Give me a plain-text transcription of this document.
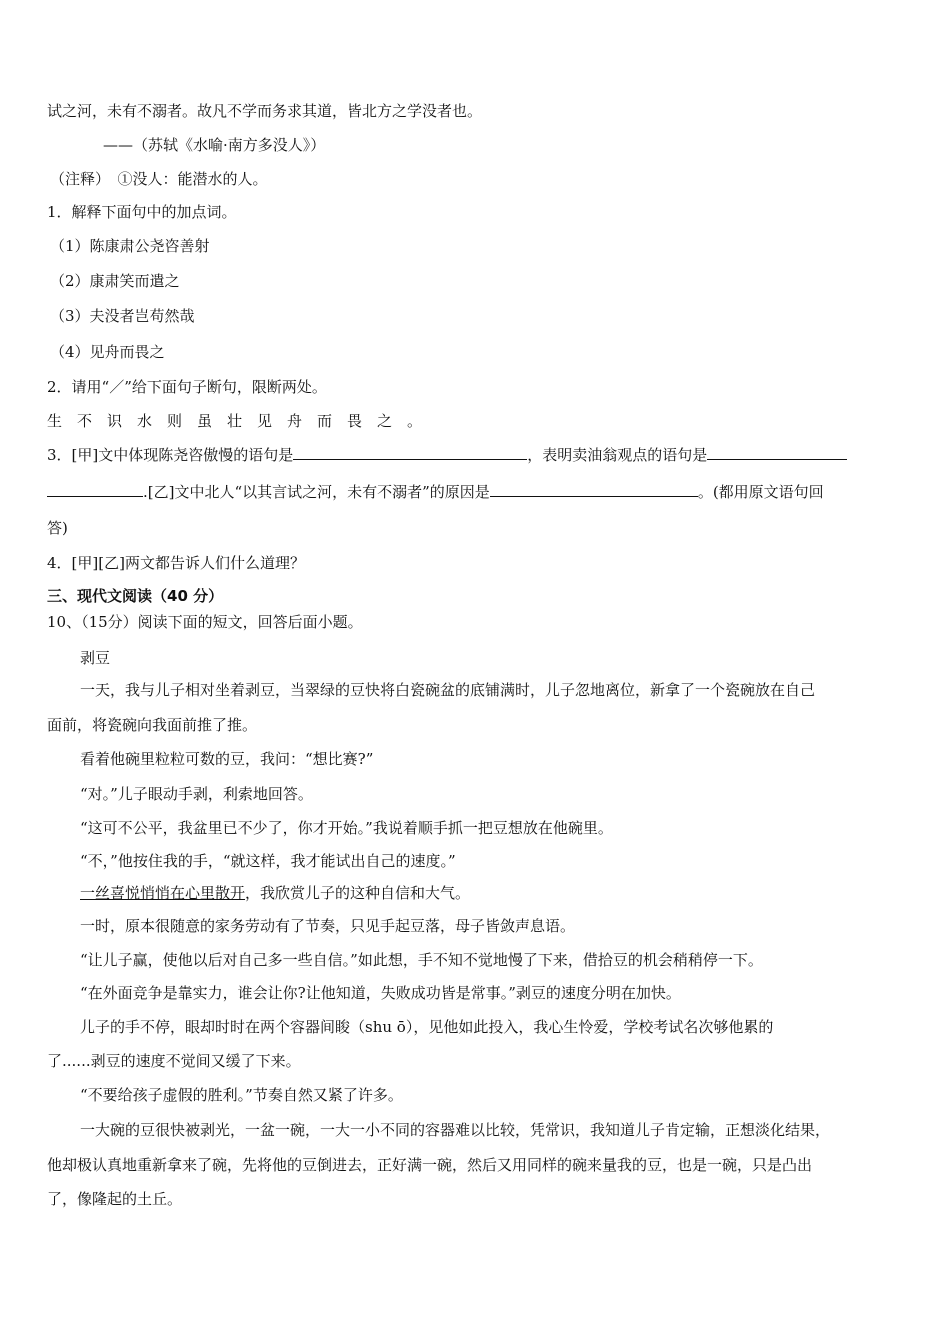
试之河，未有不溺者。故凡不学而务求其道，皆北方之学没者也。
——（苏轼《水喻·南方多没人》）
（注释）　①没人：能潜水的人。
1．解释下面句中的加点词。
（1）陈康肃公尧咨善射
（2）康肃笑而遣之
（3）夫没者岂苟然哉
（4）见舟而畏之
2．请用“／”给下面句子断句，限断两处。
生不识水则虽壮见舟而畏之。
3．[甲]文中体现陈尧咨傲慢的语句是	，表明卖油翁观点的语句是
.[乙]文中北人“以其言试之河，未有不溺者”的原因是	。(都用原文语句回
答)
4．[甲][乙]两文都告诉人们什么道理？
三、现代文阅读（40 分）
10、（15分）阅读下面的短文，回答后面小题。
剥豆
一天，我与儿子相对坐着剥豆，当翠绿的豆快将白瓷碗盆的底铺满时，儿子忽地离位，新拿了一个瓷碗放在自己
面前，将瓷碗向我面前推了推。
看着他碗里粒粒可数的豆，我问：“想比赛?”
“对。”儿子眼动手剥，利索地回答。
“这可不公平，我盆里已不少了，你才开始。”我说着顺手抓一把豆想放在他碗里。
“不，”他按住我的手，“就这样，我才能试出自己的速度。”
一丝喜悦悄悄在心里散开，我欣赏儿子的这种自信和大气。
一时，原本很随意的家务劳动有了节奏，只见手起豆落，母子皆敛声息语。
“让儿子赢，使他以后对自己多一些自信。”如此想，手不知不觉地慢了下来，借拾豆的机会稍稍停一下。
“在外面竞争是靠实力，谁会让你?让他知道，失败成功皆是常事。”剥豆的速度分明在加快。
儿子的手不停，眼却时时在两个容器间睃（shu ō），见他如此投入，我心生怜爱，学校考试名次够他累的
了......剥豆的速度不觉间又缓了下来。
“不要给孩子虚假的胜利。”节奏自然又紧了许多。
一大碗的豆很快被剥光，一盆一碗，一大一小不同的容器难以比较，凭常识，我知道儿子肯定输，正想淡化结果，
他却极认真地重新拿来了碗，先将他的豆倒进去，正好满一碗，然后又用同样的碗来量我的豆，也是一碗，只是凸出
了，像隆起的土丘。
